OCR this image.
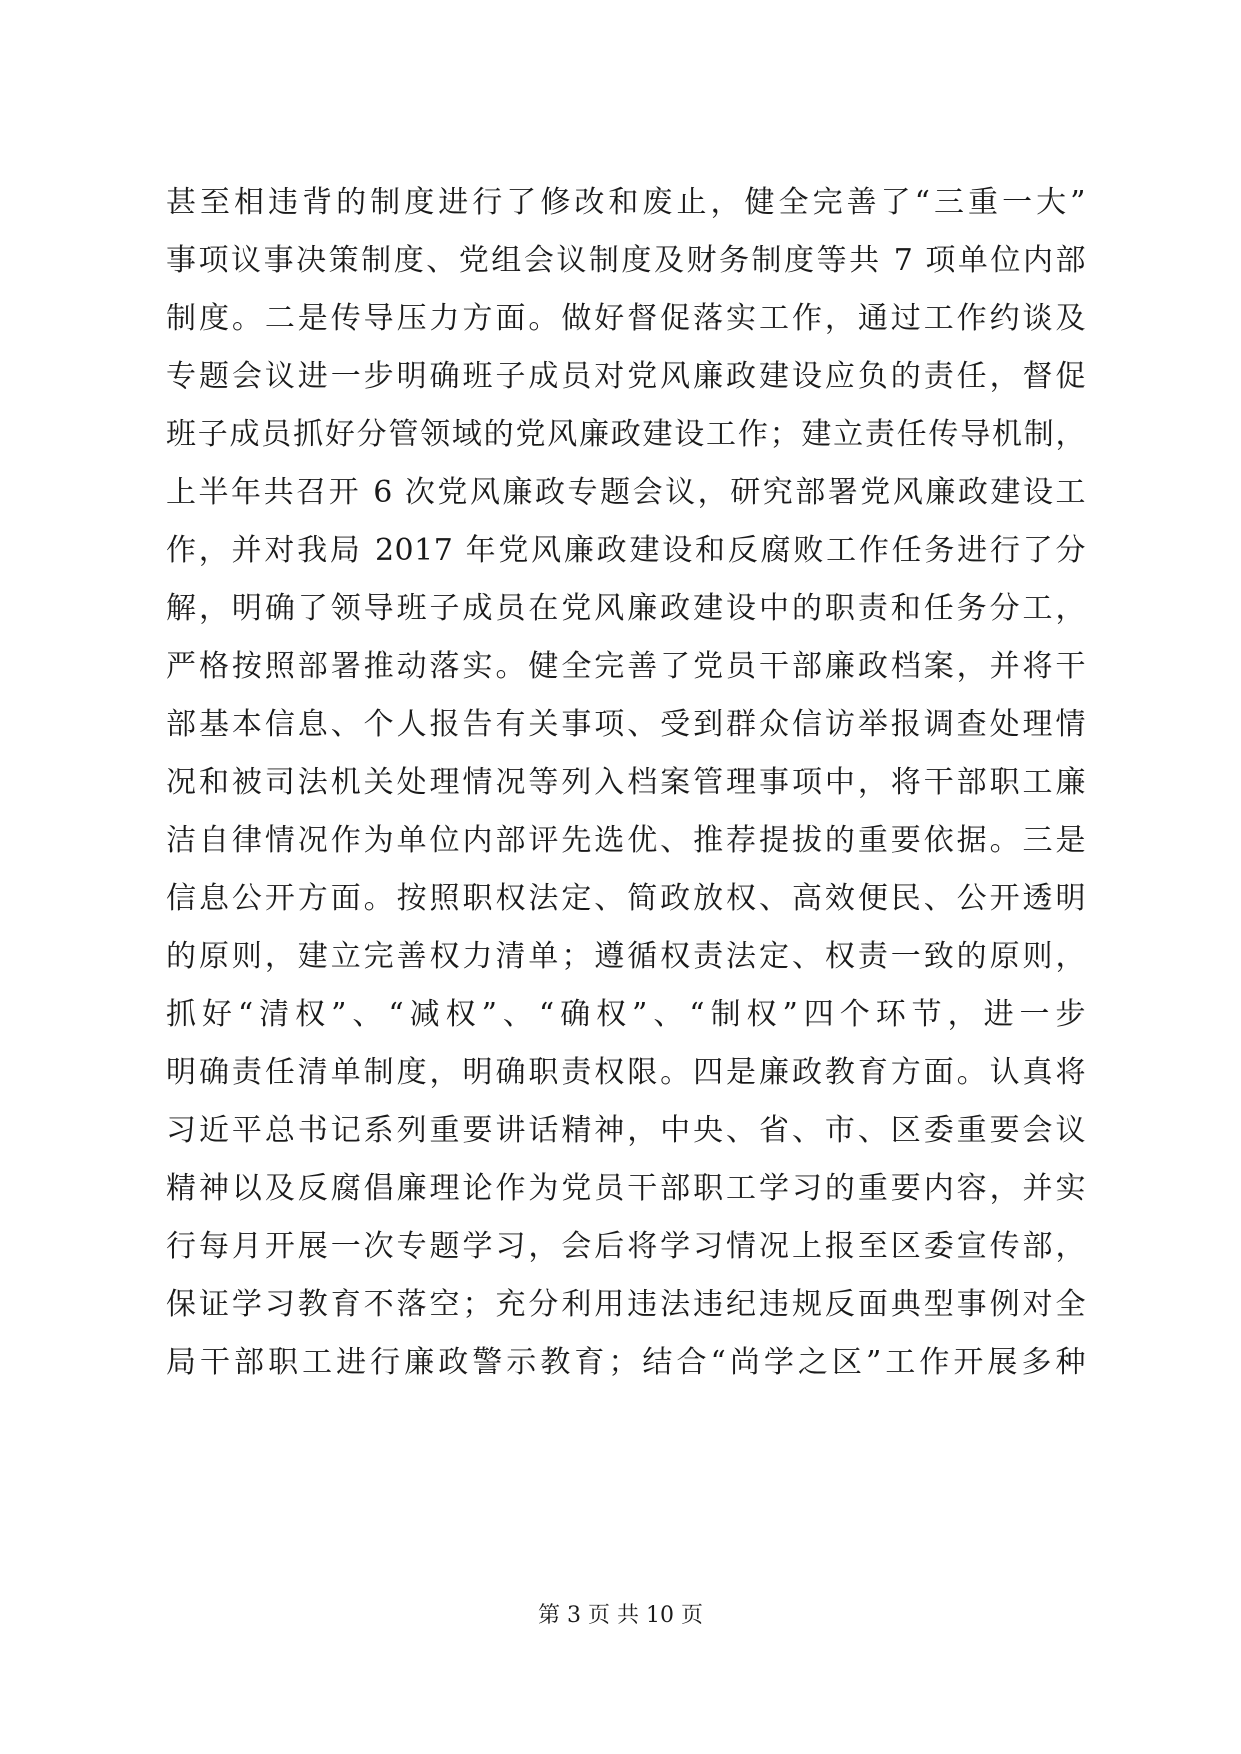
甚至相违背的制度进行了修改和废止，健全完善了“三重一大”
事项议事决策制度、党组会议制度及财务制度等共 7 项单位内部
制度。二是传导压力方面。做好督促落实工作，通过工作约谈及
专题会议进一步明确班子成员对党风廉政建设应负的责任，督促
班子成员抓好分管领域的党风廉政建设工作；建立责任传导机制，
上半年共召开 6 次党风廉政专题会议，研究部署党风廉政建设工
作，并对我局 2017 年党风廉政建设和反腐败工作任务进行了分
解，明确了领导班子成员在党风廉政建设中的职责和任务分工，
严格按照部署推动落实。健全完善了党员干部廉政档案，并将干
部基本信息、个人报告有关事项、受到群众信访举报调查处理情
况和被司法机关处理情况等列入档案管理事项中，将干部职工廉
洁自律情况作为单位内部评先选优、推荐提拔的重要依据。三是
信息公开方面。按照职权法定、简政放权、高效便民、公开透明
的原则，建立完善权力清单；遵循权责法定、权责一致的原则，
抓好“清权”、“减权”、“确权”、“制权”四个环节，进一步
明确责任清单制度，明确职责权限。四是廉政教育方面。认真将
习近平总书记系列重要讲话精神，中央、省、市、区委重要会议
精神以及反腐倡廉理论作为党员干部职工学习的重要内容，并实
行每月开展一次专题学习，会后将学习情况上报至区委宣传部，
保证学习教育不落空；充分利用违法违纪违规反面典型事例对全
局干部职工进行廉政警示教育；结合“尚学之区”工作开展多种
第 3 页 共 10 页
